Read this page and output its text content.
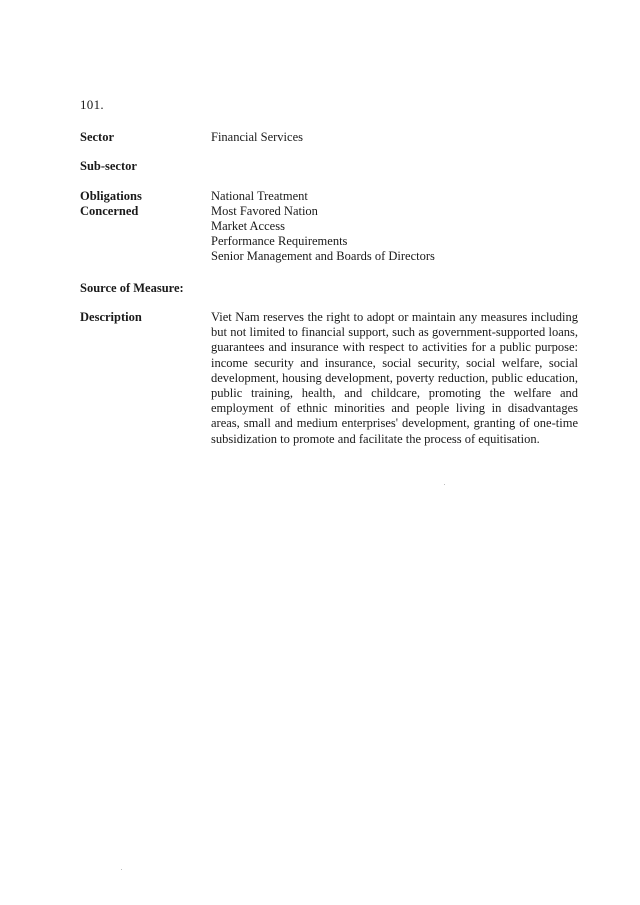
101.
Sector	Financial Services
Sub-sector
Obligations
Concerned
National Treatment
Most Favored Nation
Market Access
Performance Requirements
Senior Management and Boards of Directors
Source of Measure:
Description	Viet Nam reserves the right to adopt or maintain any measures including but not limited to financial support, such as government-supported loans, guarantees and insurance with respect to activities for a public purpose: income security and insurance, social security, social welfare, social development, housing development, poverty reduction, public education, public training, health, and childcare, promoting the welfare and employment of ethnic minorities and people living in disadvantages areas, small and medium enterprises' development, granting of one-time subsidization to promote and facilitate the process of equitisation.
